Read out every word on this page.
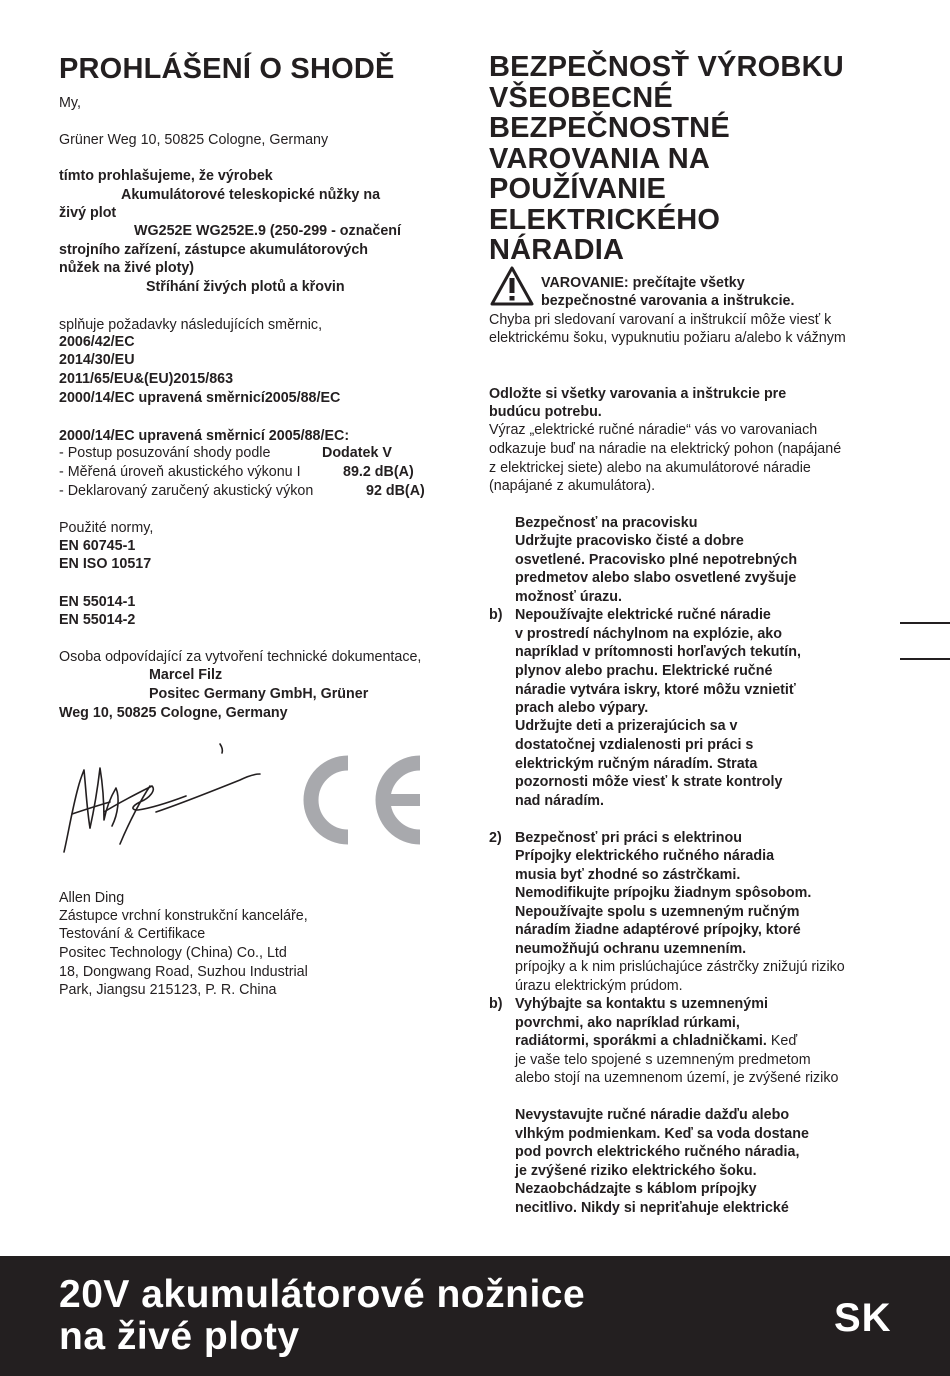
PROHLÁŠENÍ O SHODĚ
My,
Grüner Weg 10, 50825 Cologne, Germany
tímto prohlašujeme, že výrobek
Akumulátorové teleskopické nůžky na
živý plot
WG252E WG252E.9 (250-299 - označení
strojního zařízení, zástupce akumulátorových
nůžek na živé ploty)
Stříhání živých plotů a křovin
splňuje požadavky následujících směrnic,
2006/42/EC
2014/30/EU
2011/65/EU&(EU)2015/863
2000/14/EC upravená směrnicí2005/88/EC
2000/14/EC upravená směrnicí 2005/88/EC:
- Postup posuzování shody podle	Dodatek V
- Měřená úroveň akustického výkonu I	89.2 dB(A)
- Deklarovaný zaručený akustický výkon	92 dB(A)
Použité normy,
EN 60745-1
EN ISO 10517
EN 55014-1
EN 55014-2
Osoba odpovídající za vytvoření technické dokumentace,
Marcel Filz
Positec Germany GmbH, Grüner
Weg 10, 50825 Cologne, Germany
Allen Ding
Zástupce vrchní konstrukční kanceláře,
Testování & Certifikace
Positec Technology (China) Co., Ltd
18, Dongwang Road, Suzhou Industrial
Park, Jiangsu 215123, P. R. China
BEZPEČNOSŤ VÝROBKU
VŠEOBECNÉ
BEZPEČNOSTNÉ
VAROVANIA NA
POUŽÍVANIE
ELEKTRICKÉHO
NÁRADIA
VAROVANIE: prečítajte všetky
bezpečnostné varovania a inštrukcie.
Chyba pri sledovaní varovaní a inštrukcií môže viesť k
elektrickému šoku, vypuknutiu požiaru a/alebo k vážnym
Odložte si všetky varovania a inštrukcie pre
budúcu potrebu.
Výraz „elektrické ručné náradie“ vás vo varovaniach
odkazuje buď na náradie na elektrický pohon (napájané
z elektrickej siete) alebo na akumulátorové náradie
(napájané z akumulátora).
Bezpečnosť na pracovisku
Udržujte pracovisko čisté a dobre
osvetlené. Pracovisko plné nepotrebných
predmetov alebo slabo osvetlené zvyšuje
možnosť úrazu.
b) Nepoužívajte elektrické ručné náradie
v prostredí náchylnom na explózie, ako
napríklad v prítomnosti horľavých tekutín,
plynov alebo prachu. Elektrické ručné
náradie vytvára iskry, ktoré môžu vznietiť
prach alebo výpary.
Udržujte deti a prizerajúcich sa v
dostatočnej vzdialenosti pri práci s
elektrickým ručným náradím. Strata
pozornosti môže viesť k strate kontroly
nad náradím.
2) Bezpečnosť pri práci s elektrinou
Prípojky elektrického ručného náradia
musia byť zhodné so zástrčkami.
Nemodifikujte prípojku žiadnym spôsobom.
Nepoužívajte spolu s uzemneným ručným
náradím žiadne adaptérové prípojky, ktoré
neumožňujú ochranu uzemnením.
prípojky a k nim prislúchajúce zástrčky znižujú riziko
úrazu elektrickým prúdom.
b) Vyhýbajte sa kontaktu s uzemnenými
povrchmi, ako napríklad rúrkami,
radiátormi, sporákmi a chladničkami. Keď
je vaše telo spojené s uzemneným predmetom
alebo stojí na uzemnenom území, je zvýšené riziko
Nevystavujte ručné náradie dažďu alebo
vlhkým podmienkam. Keď sa voda dostane
pod povrch elektrického ručného náradia,
je zvýšené riziko elektrického šoku.
Nezaobchádzajte s káblom prípojky
necitlivo. Nikdy si nepriťahuje elektrické
20V akumulátorové nožnice
na živé ploty	SK
